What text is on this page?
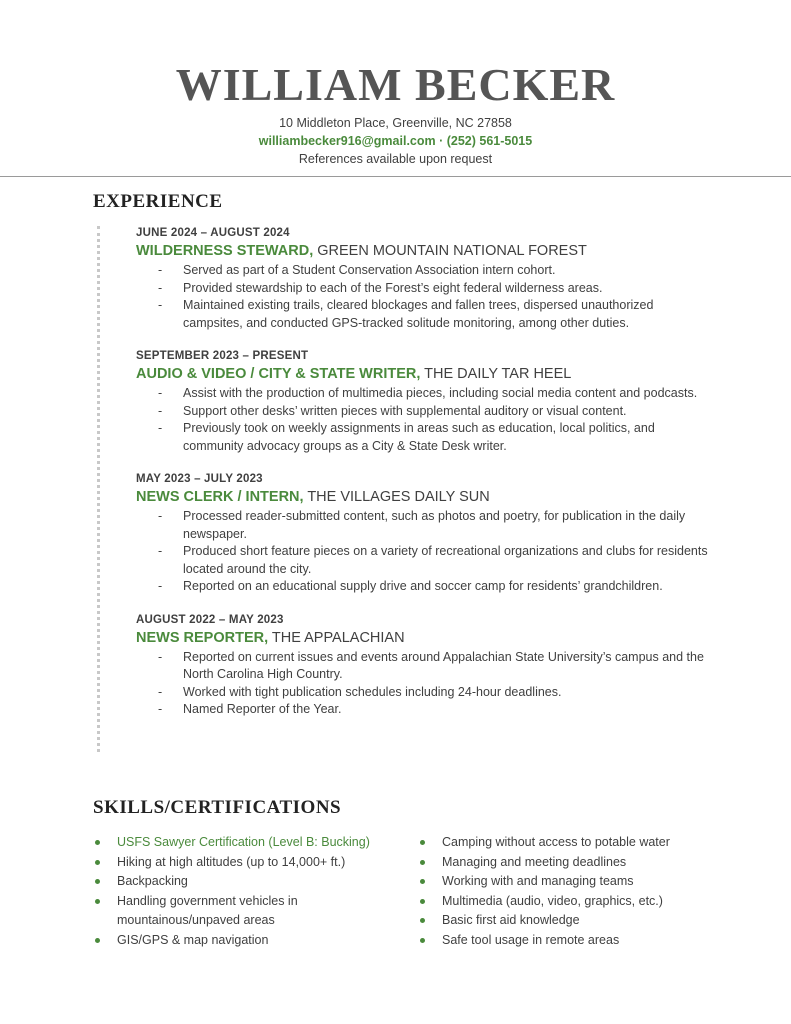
WILLIAM BECKER
10 Middleton Place, Greenville, NC 27858
williambecker916@gmail.com · (252) 561-5015
References available upon request
EXPERIENCE
JUNE 2024 – AUGUST 2024
WILDERNESS STEWARD, GREEN MOUNTAIN NATIONAL FOREST
- Served as part of a Student Conservation Association intern cohort.
- Provided stewardship to each of the Forest’s eight federal wilderness areas.
- Maintained existing trails, cleared blockages and fallen trees, dispersed unauthorized campsites, and conducted GPS-tracked solitude monitoring, among other duties.
SEPTEMBER 2023 – PRESENT
AUDIO & VIDEO / CITY & STATE WRITER, THE DAILY TAR HEEL
- Assist with the production of multimedia pieces, including social media content and podcasts.
- Support other desks’ written pieces with supplemental auditory or visual content.
- Previously took on weekly assignments in areas such as education, local politics, and community advocacy groups as a City & State Desk writer.
MAY 2023 – JULY 2023
NEWS CLERK / INTERN, THE VILLAGES DAILY SUN
- Processed reader-submitted content, such as photos and poetry, for publication in the daily newspaper.
- Produced short feature pieces on a variety of recreational organizations and clubs for residents located around the city.
- Reported on an educational supply drive and soccer camp for residents’ grandchildren.
AUGUST 2022 – MAY 2023
NEWS REPORTER, THE APPALACHIAN
- Reported on current issues and events around Appalachian State University’s campus and the North Carolina High Country.
- Worked with tight publication schedules including 24-hour deadlines.
- Named Reporter of the Year.
SKILLS/CERTIFICATIONS
USFS Sawyer Certification (Level B: Bucking)
Hiking at high altitudes (up to 14,000+ ft.)
Backpacking
Handling government vehicles in mountainous/unpaved areas
GIS/GPS & map navigation
Camping without access to potable water
Managing and meeting deadlines
Working with and managing teams
Multimedia (audio, video, graphics, etc.)
Basic first aid knowledge
Safe tool usage in remote areas
